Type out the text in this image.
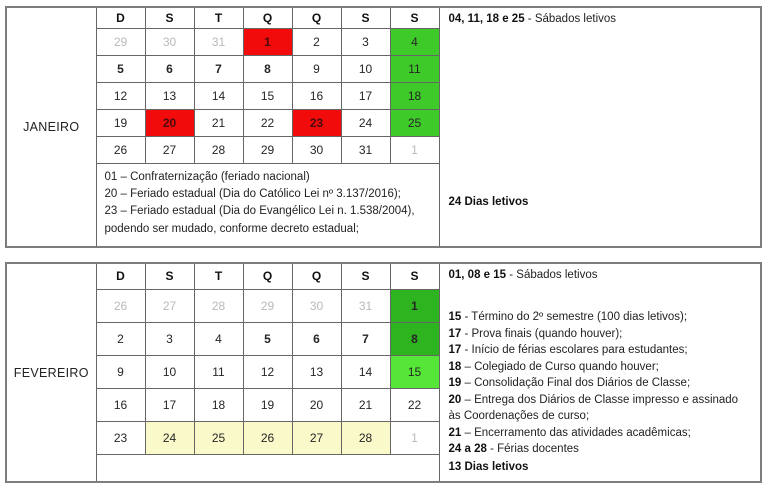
JANEIRO	D	S	T	Q	Q	S	S	04, 11, 18 e 25 - Sábados letivos
24 Dias letivos

	29	30	31	1	2	3	4	
	5	6	7	8	9	10	11	
	12	13	14	15	16	17	18	
	19	20	21	22	23	24	25	
	26	27	28	29	30	31	1	

	01 – Confraternização (feriado nacional)
20 – Feriado estadual (Dia do Católico Lei nº 3.137/2016);
23 – Feriado estadual (Dia do Evangélico Lei n. 1.538/2004),
podendo ser mudado, conforme decreto estadual;							
FEVEREIRO	D	S	T	Q	Q	S	S	01, 08 e 15 - Sábados letivos
15 - Término do 2º semestre (100 dias letivos);
17 - Prova finais (quando houver);
17 - Início de férias escolares para estudantes;
18 – Colegiado de Curso quando houver;
19 – Consolidação Final dos Diários de Classe;
20 – Entrega dos Diários de Classe impresso e assinado às Coordenações de curso;
21 – Encerramento das atividades acadêmicas;
24 a 28 - Férias docentes
13 Dias letivos

	26	27	28	29	30	31	1	
	2	3	4	5	6	7	8	
	9	10	11	12	13	14	15	
	16	17	18	19	20	21	22	
	23	24	25	26	27	28	1	
